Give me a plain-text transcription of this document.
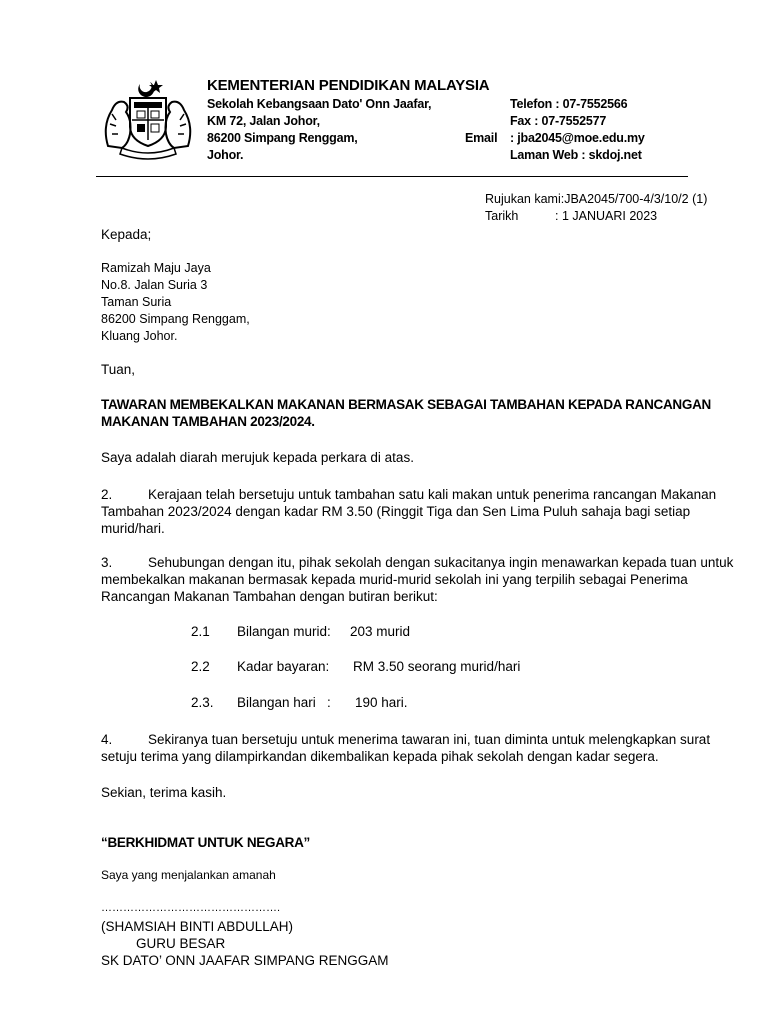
KEMENTERIAN PENDIDIKAN MALAYSIA
Sekolah Kebangsaan Dato' Onn Jaafar,
KM 72, Jalan Johor,
86200 Simpang Renggam,
Johor.
Telefon : 07-7552566
Fax : 07-7552577
Email : jba2045@moe.edu.my
Laman Web : skdoj.net
Rujukan kami:JBA2045/700-4/3/10/2 (1)
Tarikh	: 1 JANUARI 2023
Kepada;
Ramizah Maju Jaya
No.8. Jalan Suria 3
Taman Suria
86200 Simpang Renggam,
Kluang Johor.
Tuan,
TAWARAN MEMBEKALKAN MAKANAN BERMASAK SEBAGAI TAMBAHAN KEPADA RANCANGAN
MAKANAN TAMBAHAN 2023/2024.
Saya adalah diarah merujuk kepada perkara di atas.
2.	Kerajaan telah bersetuju untuk tambahan satu kali makan untuk penerima rancangan Makanan
Tambahan 2023/2024 dengan kadar RM 3.50 (Ringgit Tiga dan Sen Lima Puluh sahaja bagi setiap
murid/hari.
3.	Sehubungan dengan itu, pihak sekolah dengan sukacitanya ingin menawarkan kepada tuan untuk
membekalkan makanan bermasak kepada murid-murid sekolah ini yang terpilih sebagai Penerima
Rancangan Makanan Tambahan dengan butiran berikut:
2.1 Bilangan murid: 203 murid
2.2 Kadar bayaran: RM 3.50 seorang murid/hari
2.3. Bilangan hari   : 190 hari.
4.	Sekiranya tuan bersetuju untuk menerima tawaran ini, tuan diminta untuk melengkapkan surat
setuju terima yang dilampirkandan dikembalikan kepada pihak sekolah dengan kadar segera.
Sekian, terima kasih.
“BERKHIDMAT UNTUK NEGARA”
Saya yang menjalankan amanah
………………………………………….
(SHAMSIAH BINTI ABDULLAH)
GURU BESAR
SK DATO’ ONN JAAFAR SIMPANG RENGGAM
